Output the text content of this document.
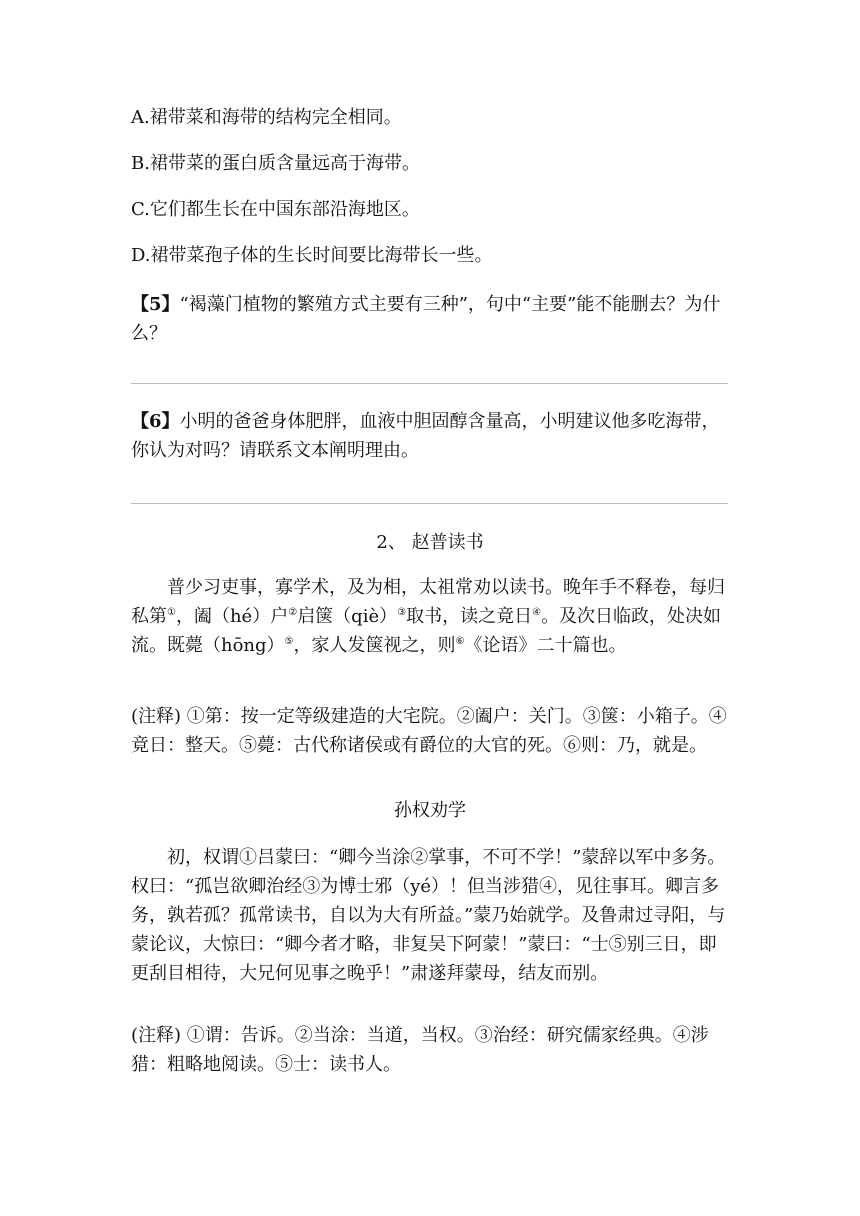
A.裙带菜和海带的结构完全相同。
B.裙带菜的蛋白质含量远高于海带。
C.它们都生长在中国东部沿海地区。
D.裙带菜孢子体的生长时间要比海带长一些。
【5】“褐藻门植物的繁殖方式主要有三种”，句中“主要”能不能删去？为什么？
【6】小明的爸爸身体肥胖，血液中胆固醇含量高，小明建议他多吃海带，你认为对吗？请联系文本阐明理由。
2、 赵普读书
普少习吏事，寡学术，及为相，太祖常劝以读书。晚年手不释卷，每归私第①，阖（hé）户②启箧（qiè）③取书，读之竟日④。及次日临政，处决如流。既薨（hōng）⑤，家人发箧视之，则⑥《论语》二十篇也。
(注释) ①第：按一定等级建造的大宅院。②阖户：关门。③箧：小箱子。④竟日：整天。⑤薨：古代称诸侯或有爵位的大官的死。⑥则：乃，就是。
孙权劝学
初，权谓①吕蒙曰：“卿今当涂②掌事，不可不学！”蒙辞以军中多务。权曰：“孤岂欲卿治经③为博士邪（yé）！但当涉猎④，见往事耳。卿言多务，孰若孤？孤常读书，自以为大有所益。”蒙乃始就学。及鲁肃过寻阳，与蒙论议，大惊曰：“卿今者才略，非复吴下阿蒙！”蒙曰：“士⑤别三日，即更刮目相待，大兄何见事之晚乎！”肃遂拜蒙母，结友而别。
(注释) ①谓：告诉。②当涂：当道，当权。③治经：研究儒家经典。④涉猎：粗略地阅读。⑤士：读书人。
